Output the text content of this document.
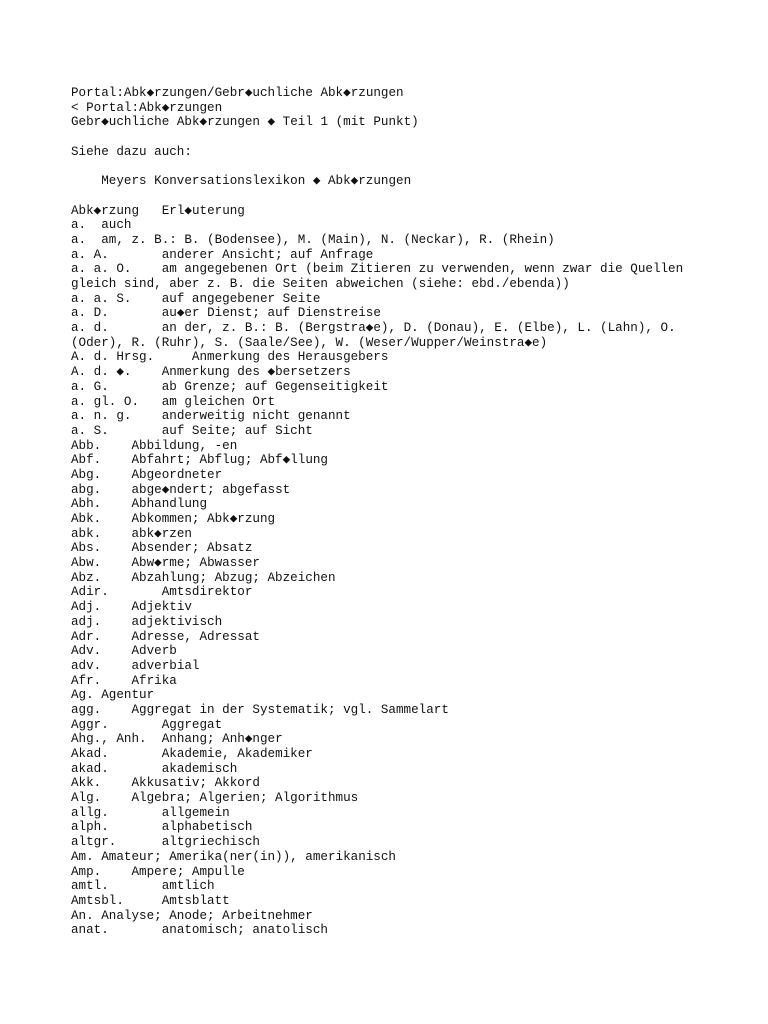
Portal:Abk◆rzungen/Gebr◆uchliche Abk◆rzungen
< Portal:Abk◆rzungen
Gebr◆uchliche Abk◆rzungen ◆ Teil 1 (mit Punkt)
Siehe dazu auch:
Meyers Konversationslexikon ◆ Abk◆rzungen
Abk◆rzung	Erl◆uterung
a.	auch
a.	am, z. B.: B. (Bodensee), M. (Main), N. (Neckar), R. (Rhein)
a. A.		anderer Ansicht; auf Anfrage
a. a. O.	am angegebenen Ort (beim Zitieren zu verwenden, wenn zwar die Quellen gleich sind, aber z. B. die Seiten abweichen (siehe: ebd./ebenda))
a. a. S.	auf angegebener Seite
a. D.		au◆er Dienst; auf Dienstreise
a. d.		an der, z. B.: B. (Bergstra◆e), D. (Donau), E. (Elbe), L. (Lahn), O. (Oder), R. (Ruhr), S. (Saale/See), W. (Weser/Wupper/Weinstra◆e)
A. d. Hrsg.		Anmerkung des Herausgebers
A. d. ◆.	Anmerkung des ◆bersetzers
a. G.		ab Grenze; auf Gegenseitigkeit
a. gl. O.	am gleichen Ort
a. n. g.	anderweitig nicht genannt
a. S.		auf Seite; auf Sicht
Abb.	Abbildung, -en
Abf.	Abfahrt; Abflug; Abf◆llung
Abg.	Abgeordneter
abg.	abge◆ndert; abgefasst
Abh.	Abhandlung
Abk.	Abkommen; Abk◆rzung
abk.	abk◆rzen
Abs.	Absender; Absatz
Abw.	Abw◆rme; Abwasser
Abz.	Abzahlung; Abzug; Abzeichen
Adir.		Amtsdirektor
Adj.	Adjektiv
adj.	adjektivisch
Adr.	Adresse, Adressat
Adv.	Adverb
adv.	adverbial
Afr.	Afrika
Ag.	Agentur
agg.	Aggregat in der Systematik; vgl. Sammelart
Aggr.		Aggregat
Ahg., Anh.	Anhang; Anh◆nger
Akad.		Akademie, Akademiker
akad.		akademisch
Akk.	Akkusativ; Akkord
Alg.	Algebra; Algerien; Algorithmus
allg.		allgemein
alph.		alphabetisch
altgr.		altgriechisch
Am.	Amateur; Amerika(ner(in)), amerikanisch
Amp.	Ampere; Ampulle
amtl.		amtlich
Amtsbl.		Amtsblatt
An.	Analyse; Anode; Arbeitnehmer
anat.		anatomisch; anatolisch
